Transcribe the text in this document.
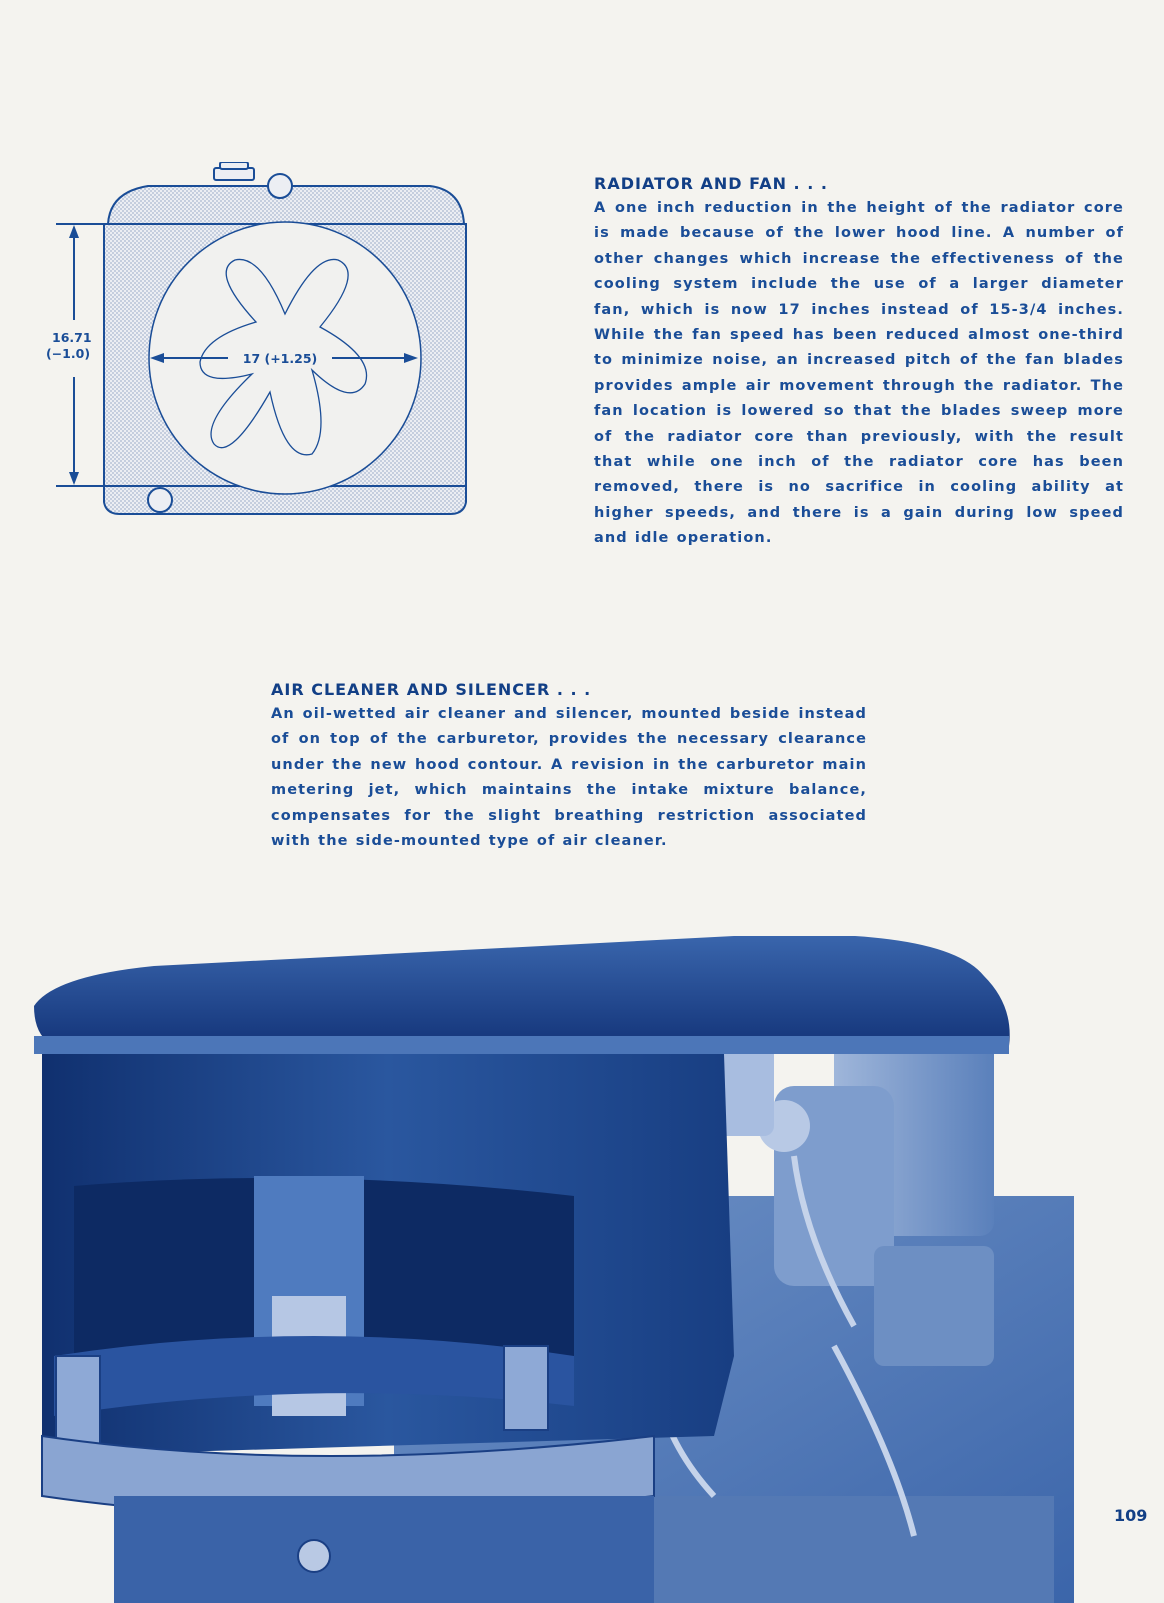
RADIATOR AND FAN . . .

A one inch reduction in the height of the radiator core is made because of the lower hood line. A number of other changes which increase the effectiveness of the cooling system include the use of a larger diameter fan, which is now 17 inches instead of 15-3/4 inches. While the fan speed has been reduced almost one-third to minimize noise, an increased pitch of the fan blades provides ample air movement through the radiator. The fan location is lowered so that the blades sweep more of the radiator core than previously, with the result that while one inch of the radiator core has been removed, there is no sacrifice in cooling ability at higher speeds, and there is a gain during low speed and idle operation.

16.71
(−1.0)	17 (+1.25)

AIR CLEANER AND SILENCER . . .

An oil-wetted air cleaner and silencer, mounted beside instead of on top of the carburetor, provides the necessary clearance under the new hood contour. A revision in the carburetor main metering jet, which maintains the intake mixture balance, compensates for the slight breathing restriction associated with the side-mounted type of air cleaner.

109
